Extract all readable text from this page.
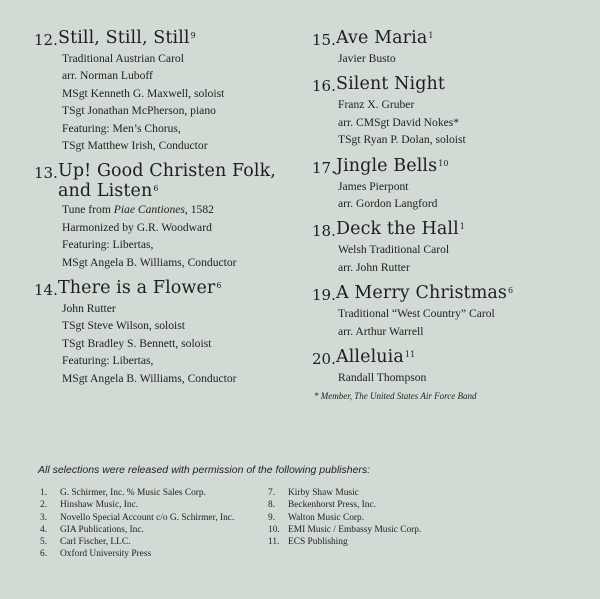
12. Still, Still, Still$^9$
Traditional Austrian Carol
arr. Norman Luboff
MSgt Kenneth G. Maxwell, soloist
TSgt Jonathan McPherson, piano
Featuring: Men’s Chorus,
TSgt Matthew Irish, Conductor
13. Up! Good Christen Folk,
and Listen$^6$
Tune from Piae Cantiones, 1582
Harmonized by G.R. Woodward
Featuring: Libertas,
MSgt Angela B. Williams, Conductor
14. There is a Flower$^6$
John Rutter
TSgt Steve Wilson, soloist
TSgt Bradley S. Bennett, soloist
Featuring: Libertas,
MSgt Angela B. Williams, Conductor
15. Ave Maria$^1$
Javier Busto
16. Silent Night
Franz X. Gruber
arr. CMSgt David Nokes*
TSgt Ryan P. Dolan, soloist
17. Jingle Bells$^{10}$
James Pierpont
arr. Gordon Langford
18. Deck the Hall$^1$
Welsh Traditional Carol
arr. John Rutter
19. A Merry Christmas$^6$
Traditional “West Country” Carol
arr. Arthur Warrell
20. Alleluia$^{11}$
Randall Thompson
* Member, The United States Air Force Band
All selections were released with permission of the following publishers:
1.	G. Schirmer, Inc. % Music Sales Corp.
2.	Hinshaw Music, Inc.
3.	Novello Special Account c/o G. Schirmer, Inc.
4.	GIA Publications, Inc.
5.	Carl Fischer, LLC.
6.	Oxford University Press
7.	Kirby Shaw Music
8.	Beckenhorst Press, Inc.
9.	Walton Music Corp.
10. EMI Music / Embassy Music Corp.
11. ECS Publishing
